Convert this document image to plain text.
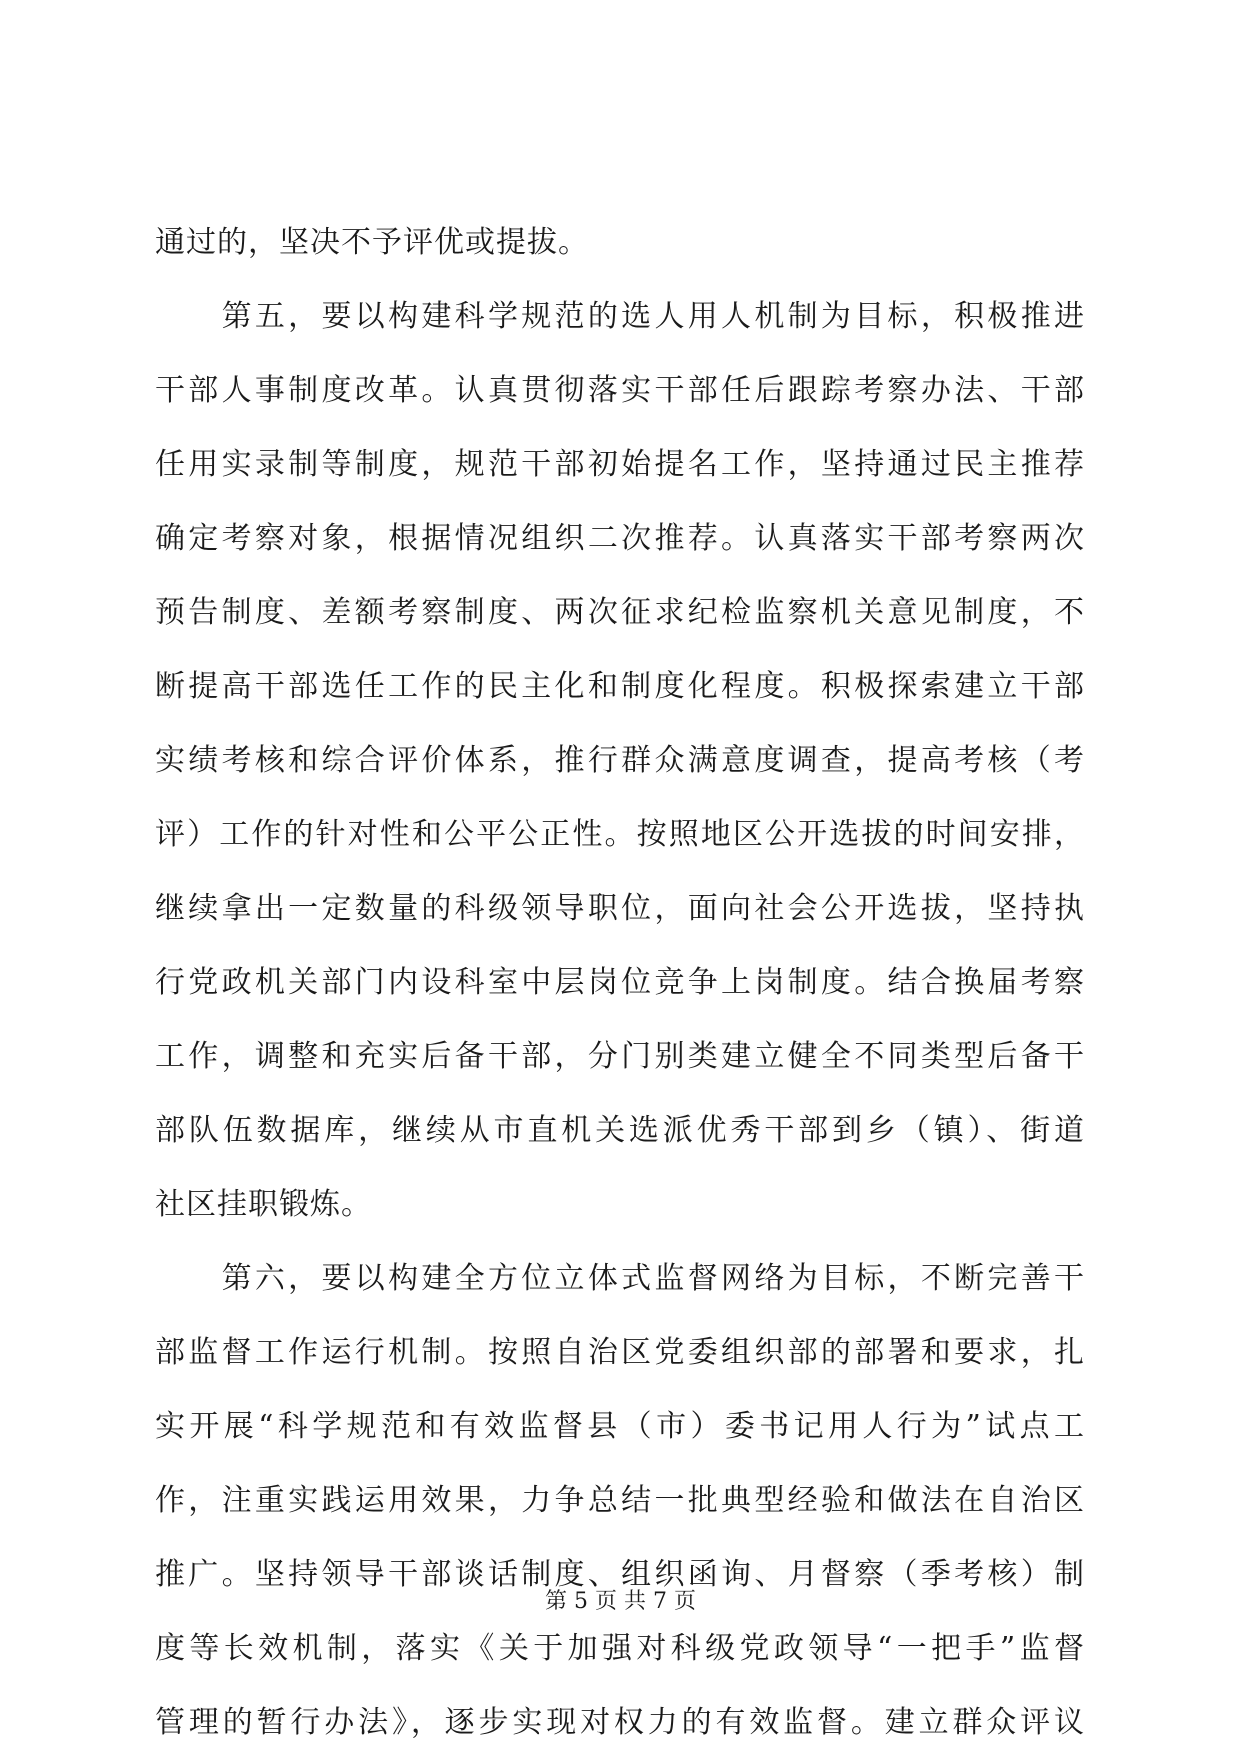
通过的，坚决不予评优或提拔。
　　第五，要以构建科学规范的选人用人机制为目标，积极推进
干部人事制度改革。认真贯彻落实干部任后跟踪考察办法、干部
任用实录制等制度，规范干部初始提名工作，坚持通过民主推荐
确定考察对象，根据情况组织二次推荐。认真落实干部考察两次
预告制度、差额考察制度、两次征求纪检监察机关意见制度，不
断提高干部选任工作的民主化和制度化程度。积极探索建立干部
实绩考核和综合评价体系，推行群众满意度调查，提高考核（考
评）工作的针对性和公平公正性。按照地区公开选拔的时间安排，
继续拿出一定数量的科级领导职位，面向社会公开选拔，坚持执
行党政机关部门内设科室中层岗位竞争上岗制度。结合换届考察
工作，调整和充实后备干部，分门别类建立健全不同类型后备干
部队伍数据库，继续从市直机关选派优秀干部到乡（镇）、街道
社区挂职锻炼。
　　第六，要以构建全方位立体式监督网络为目标，不断完善干
部监督工作运行机制。按照自治区党委组织部的部署和要求，扎
实开展“科学规范和有效监督县（市）委书记用人行为”试点工
作，注重实践运用效果，力争总结一批典型经验和做法在自治区
推广。坚持领导干部谈话制度、组织函询、月督察（季考核）制
度等长效机制，落实《关于加强对科级党政领导“一把手”监督
管理的暂行办法》，逐步实现对权力的有效监督。建立群众评议
第 5 页 共 7 页
